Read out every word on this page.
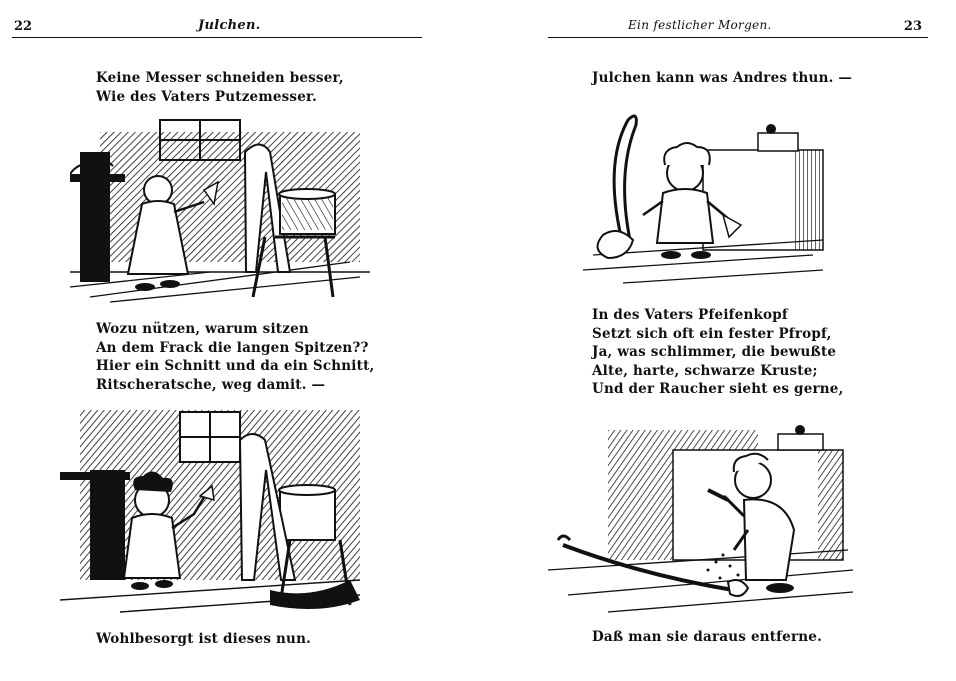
22	Julchen.
Keine Messer schneiden besser,
Wie des Vaters Putzemesser.
Wozu nützen, warum sitzen
An dem Frack die langen Spitzen??
Hier ein Schnitt und da ein Schnitt,
Ritscheratsche, weg damit. —
Wohlbesorgt ist dieses nun.
23
Ein festlicher Morgen.
Julchen kann was Andres thun. —
In des Vaters Pfeifenkopf
Setzt sich oft ein fester Pfropf,
Ja, was schlimmer, die bewußte
Alte, harte, schwarze Kruste;
Und der Raucher sieht es gerne,
Daß man sie daraus entferne.
